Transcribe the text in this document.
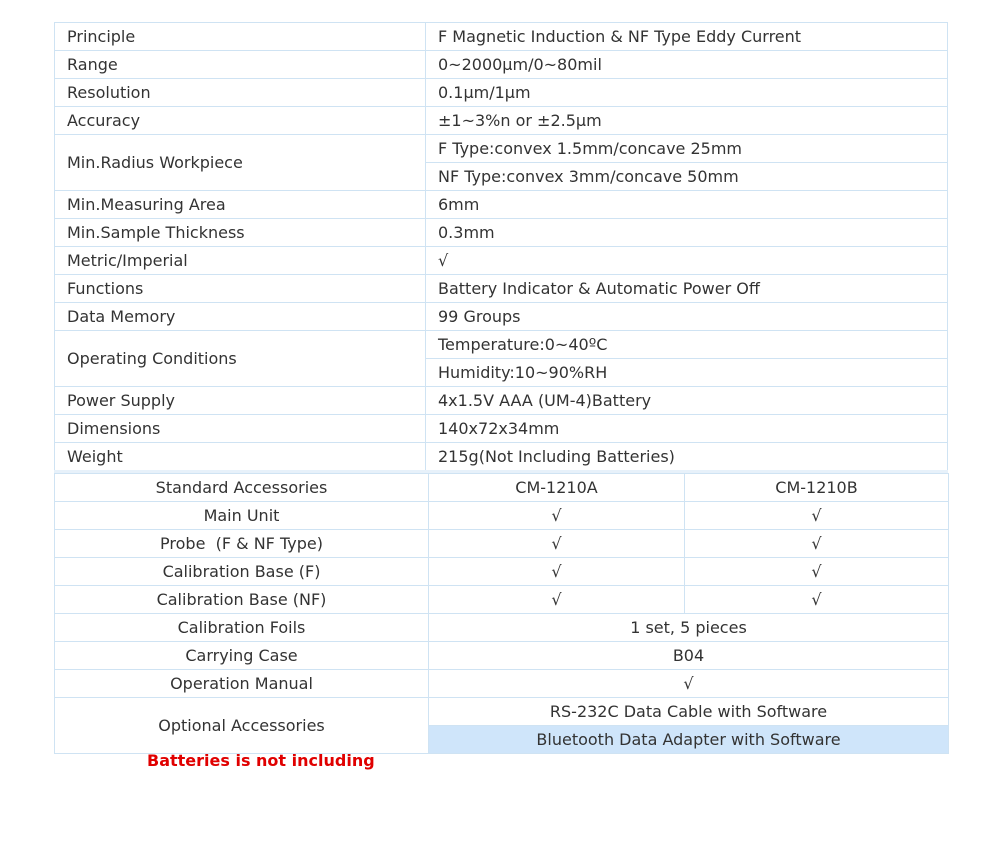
Principle	F Magnetic Induction & NF Type Eddy Current
Range	0~2000μm/0~80mil
Resolution	0.1μm/1μm
Accuracy	±1~3%n or ±2.5μm
Min.Radius Workpiece	F Type:convex 1.5mm/concave 25mm
	NF Type:convex 3mm/concave 50mm
Min.Measuring Area	6mm
Min.Sample Thickness	0.3mm
Metric/Imperial	√
Functions	Battery Indicator & Automatic Power Off
Data Memory	99 Groups
Operating Conditions	Temperature:0~40ºC
	Humidity:10~90%RH
Power Supply	4x1.5V AAA (UM-4)Battery
Dimensions	140x72x34mm
Weight	215g(Not Including Batteries)
Standard Accessories	CM-1210A	CM-1210B
Main Unit	√	√
Probe  (F & NF Type)	√	√
Calibration Base (F)	√	√
Calibration Base (NF)	√	√
Calibration Foils	1 set, 5 pieces	
Carrying Case	B04	
Operation Manual	√	
Optional Accessories	RS-232C Data Cable with Software	
	Bluetooth Data Adapter with Software	
Batteries is not including
